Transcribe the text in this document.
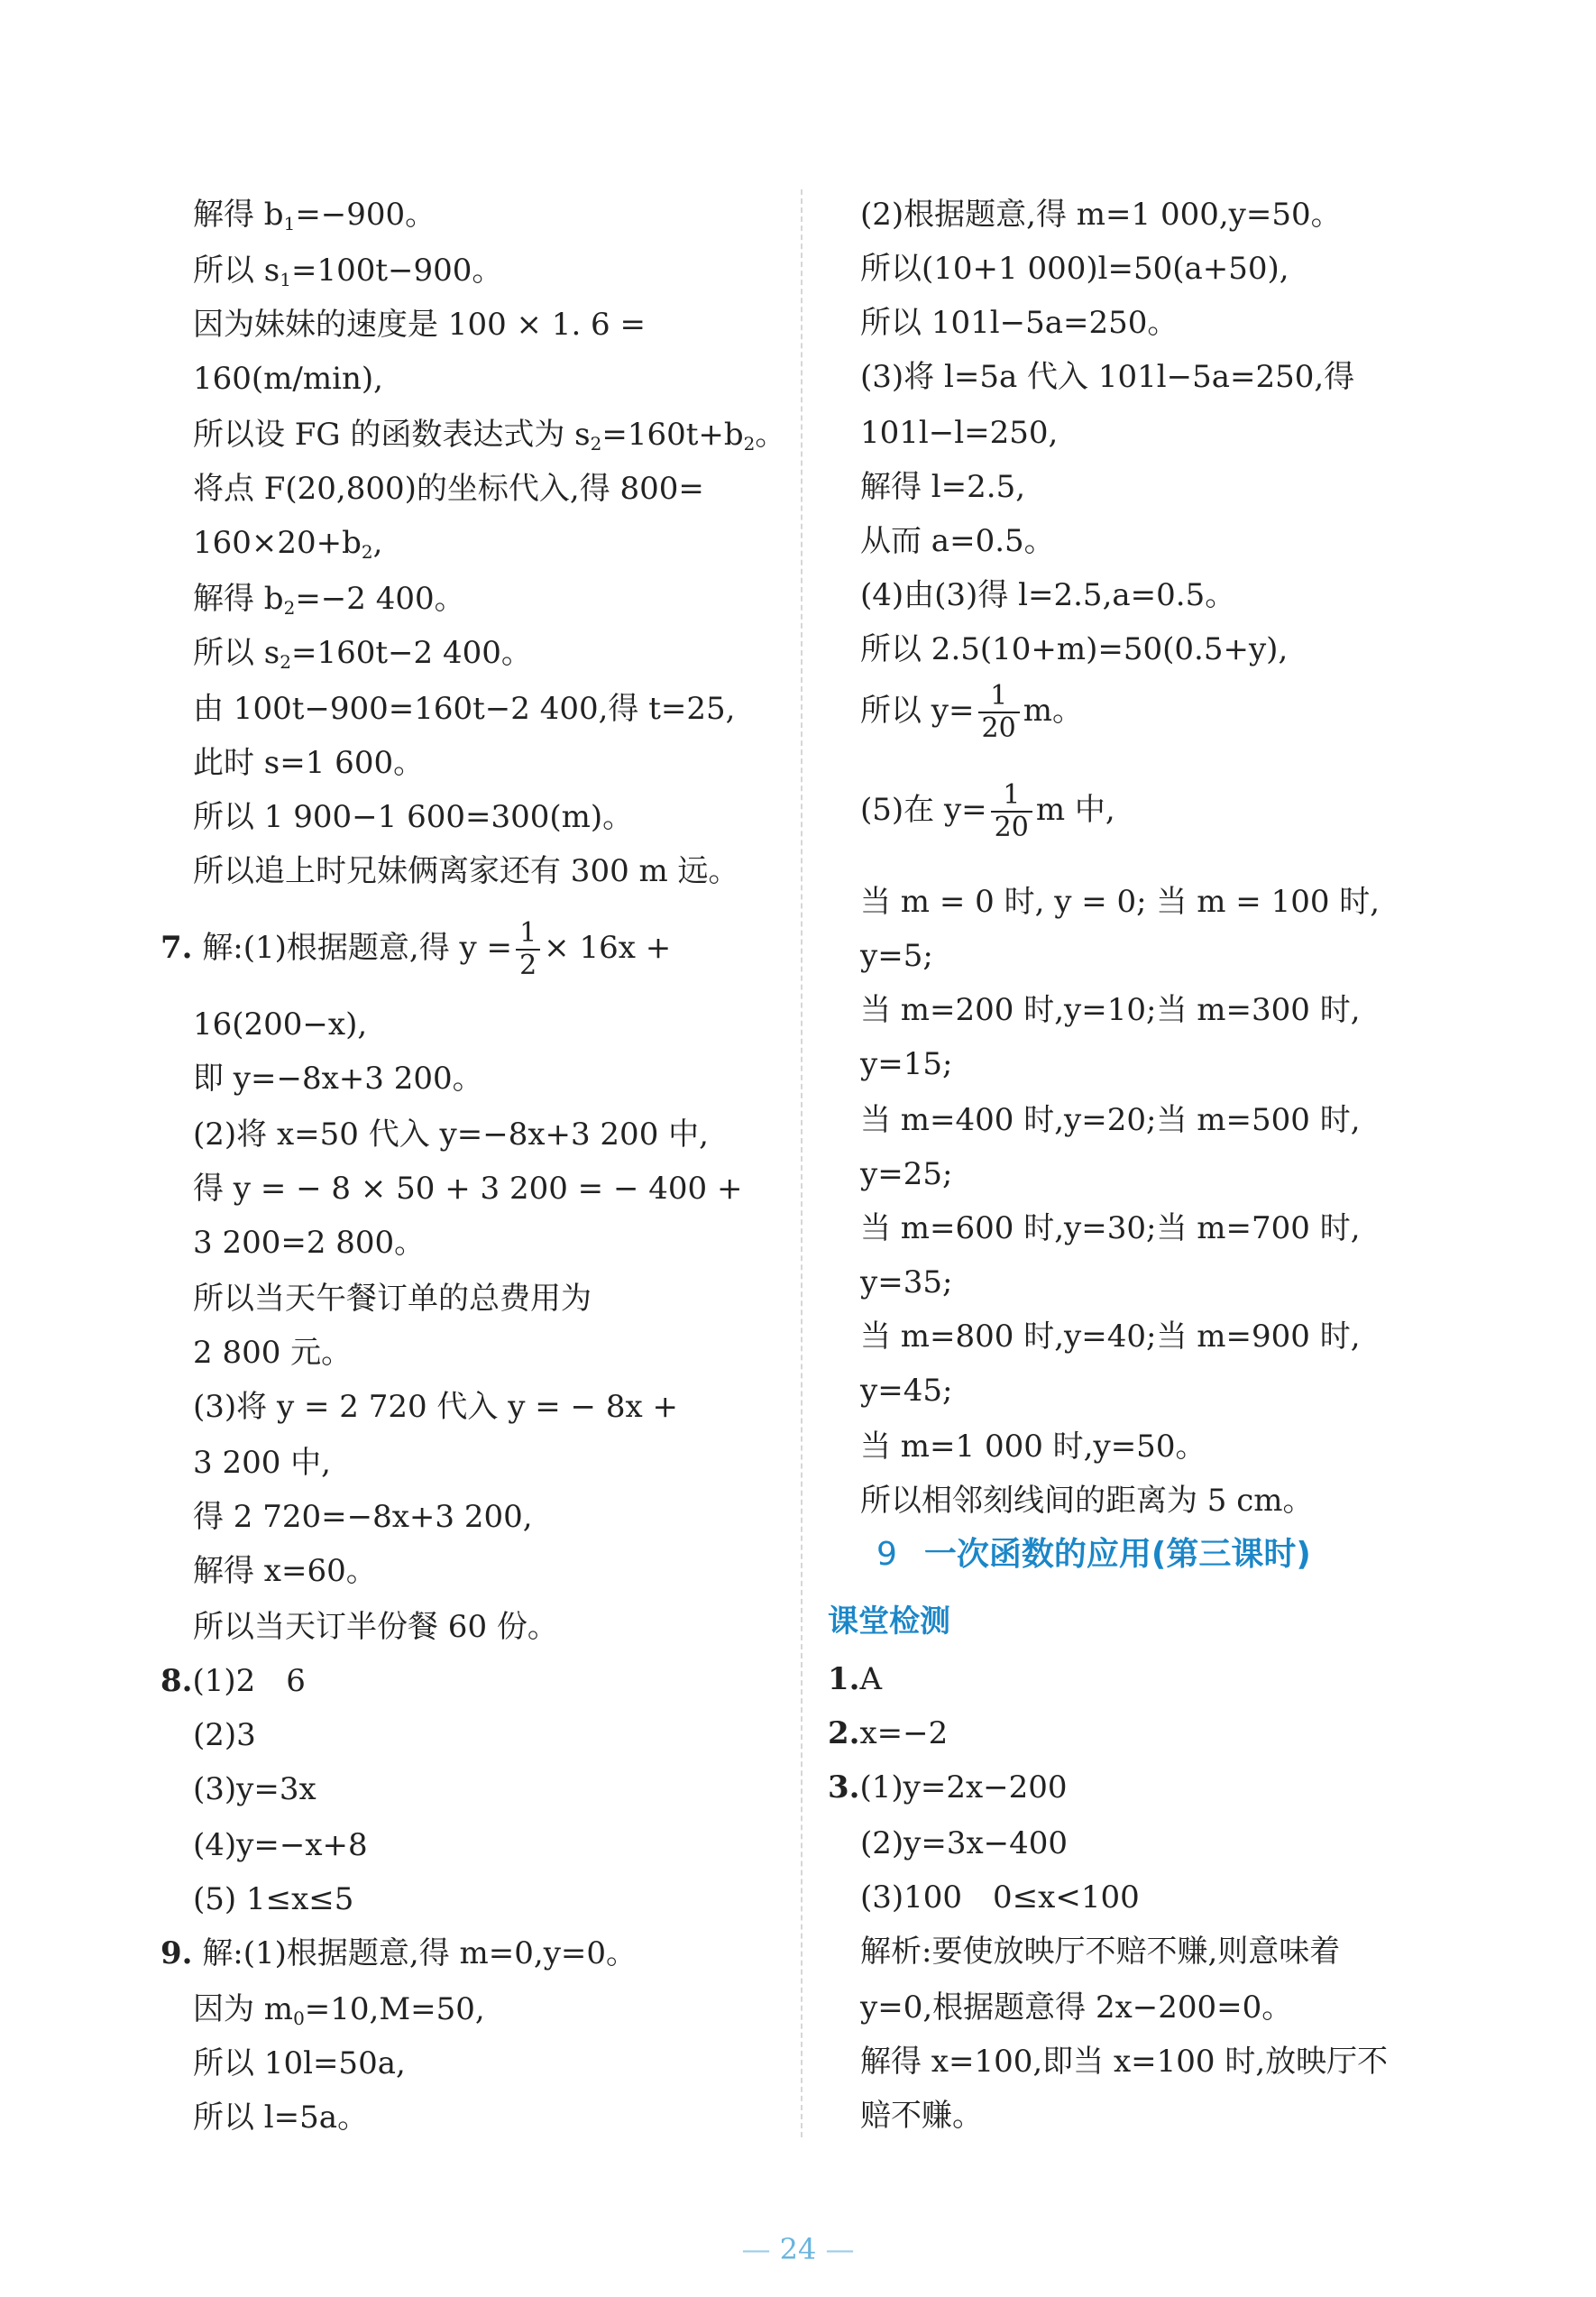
解得 $b_1=-900$。
所以 $s_1=100t-900$。
因为妹妹的速度是 100 × 1. 6 =
160(m/min),
所以设 FG 的函数表达式为 $s_2=160t+b_2$。
将点 F(20,800)的坐标代入,得 800=
$160\times 20+b_2$,
解得 $b_2=-2$ 400。
所以 $s_2=160t-2$ 400。
由 100t−900=160t−2 400,得 t=25,
此时 s=1 600。
所以 1 900−1 600=300(m)。
所以追上时兄妹俩离家还有 300 m 远。
7. 解:(1)根据题意,得 $y = \frac{1}{2} \times 16x$ +
16(200−x),
即 y=−8x+3 200。
(2)将 x=50 代入 y=−8x+3 200 中,
得 y = − 8 × 50 + 3 200 = − 400 +
3 200=2 800。
所以当天午餐订单的总费用为
2 800 元。
(3)将 y = 2 720 代入 y = − 8x +
3 200 中,
得 2 720=−8x+3 200,
解得 x=60。
所以当天订半份餐 60 份。
8.(1)2　6
(2)3
(3)y=3x
(4)y=−x+8
(5) 1≤x≤5
9. 解:(1)根据题意,得 m=0,y=0。
因为 $m_0=10,M=50$,
所以 10l=50a,
所以 l=5a。
(2)根据题意,得 m=1 000,y=50。
所以(10+1 000)l=50(a+50),
所以 101l−5a=250。
(3)将 l=5a 代入 101l−5a=250,得
101l−l=250,
解得 l=2.5,
从而 a=0.5。
(4)由(3)得 l=2.5,a=0.5。
所以 2.5(10+m)=50(0.5+y),
所以 $y= \frac{1}{20}$ m。
(5)在 $y= \frac{1}{20}$ m 中,
当 m = 0 时, y = 0; 当 m = 100 时,
y=5;
当 m=200 时,y=10;当 m=300 时,
y=15;
当 m=400 时,y=20;当 m=500 时,
y=25;
当 m=600 时,y=30;当 m=700 时,
y=35;
当 m=800 时,y=40;当 m=900 时,
y=45;
当 m=1 000 时,y=50。
所以相邻刻线间的距离为 5 cm。
9 一次函数的应用(第三课时)
课堂检测
1.A
2.x=−2
3.(1)y=2x−200
(2)y=3x−400
(3)100　0≤x<100
解析:要使放映厅不赔不赚,则意味着
y=0,根据题意得 2x−200=0。
解得 x=100,即当 x=100 时,放映厅不
赔不赚。
— 24 —
